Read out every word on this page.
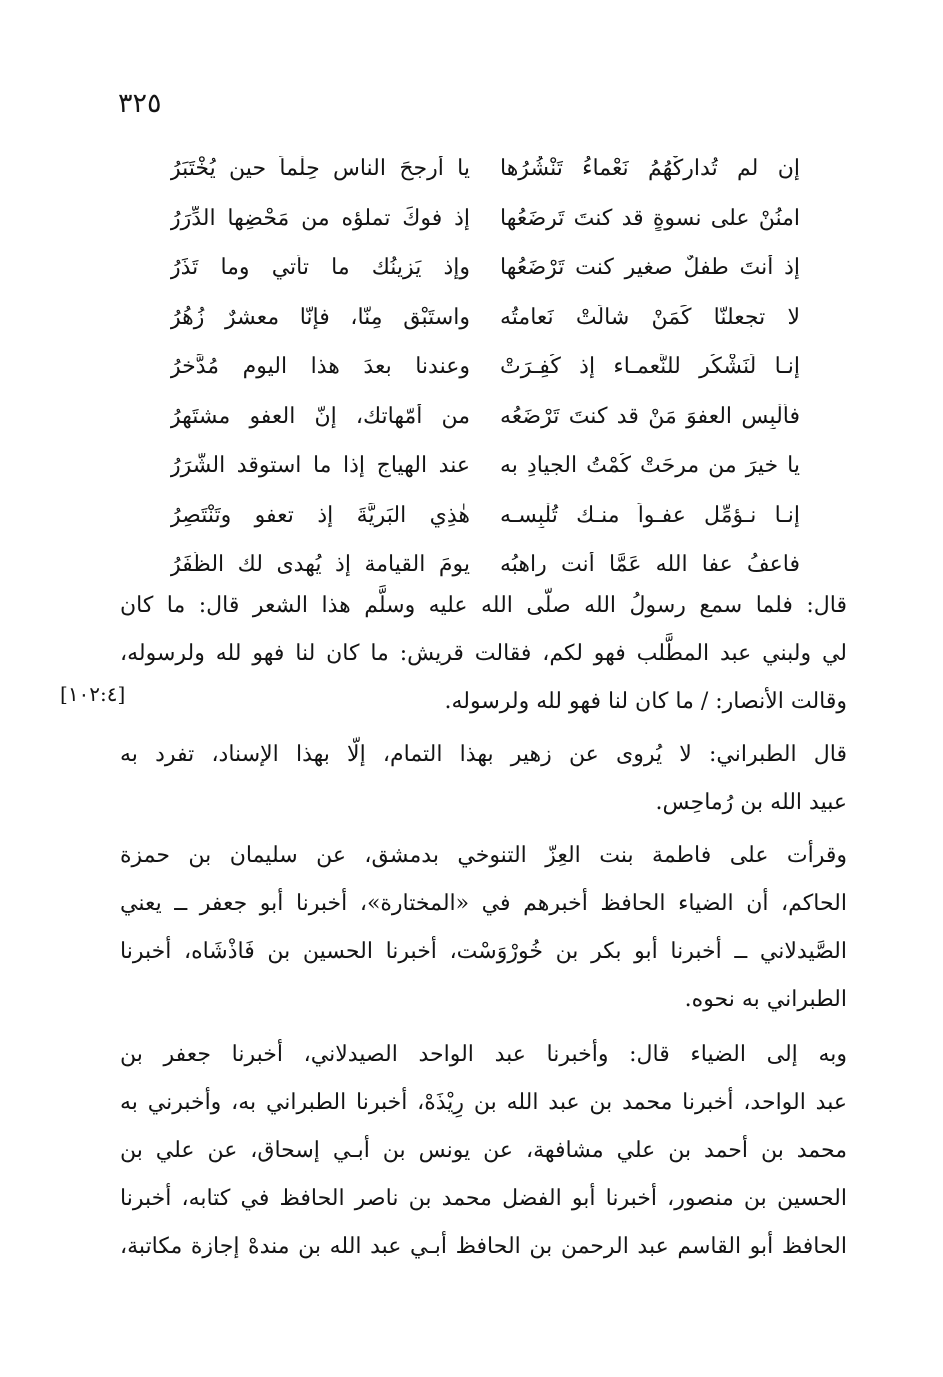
٣٢٥
إن لم تُداركْهُمُ نَعْماءُ تَنْشُرُها
يا أرجحَ الناس حِلْماً حين يُخْتَبَرُ
امنُنْ على نسوةٍ قد كنتَ تَرضَعُها
إذ فوكَ تملؤه من مَحْضِها الدِّرَرُ
إذ أنتَ طفلٌ صغير كنت تَرْضَعُها
وإذ يَزِينُك ما تأتي وما تَذَرُ
لا تجعلنّا كَمَنْ شالَتْ نَعامتُه
واستَبْقِ مِنّا، فإنّا معشرٌ زُهُرُ
إنـا لَنَشْكُر للنَّعمـاء إذ كُفِـرَتْ
وعندنا بعدَ هذا اليوم مُدَّخرُ
فأَلْبِس العفوَ مَنْ قد كنتَ تَرْضَعُه
من أمّهاتك، إنّ العفو مشتَهِرُ
يا خيرَ من مرحَتْ كُمْتُ الجيادِ به
عند الهياج إذا ما استوقد الشَّرَرُ
إنـا نـؤمِّل عفـواً منـك تُلْبِسـه
هٰذِي البَرِيَّةَ إذ تعفو وتَنْتَصِرُ
فاعفُ عفا الله عَمَّا أنت راهبُه
يومَ القيامة إذ يُهدى لك الظَّفَرُ
قال: فلما سمع رسولُ الله صلّى الله عليه وسلَّم هذا الشعر قال: ما كان
لي ولبني عبد المطَّلب فهو لكم، فقالت قريش: ما كان لنا فهو لله ولرسوله،
وقالت الأنصار: / ما كان لنا فهو لله ولرسوله.
[١٠٢:٤]
قال الطبراني: لا يُروى عن زهير بهذا التمام، إلّا بهذا الإسناد، تفرد به
عبيد الله بن رُماحِس.
وقرأت على فاطمة بنت العِزّ التنوخي بدمشق، عن سليمان بن حمزة
الحاكم، أن الضياء الحافظ أخبرهم في «المختارة»، أخبرنا أبو جعفر ــ يعني
الصَّيدلاني ــ أخبرنا أبو بكر بن خُورْوَسْت، أخبرنا الحسين بن فَاذْشَاه، أخبرنا
الطبراني به نحوه.
وبه إلى الضياء قال: وأخبرنا عبد الواحد الصيدلاني، أخبرنا جعفر بن
عبد الواحد، أخبرنا محمد بن عبد الله بن رِيْذَهْ، أخبرنا الطبراني به، وأخبرني به
محمد بن أحمد بن علي مشافهة، عن يونس بن أبـي إسحاق، عن علي بن
الحسين بن منصور، أخبرنا أبو الفضل محمد بن ناصر الحافظ في كتابه، أخبرنا
الحافظ أبو القاسم عبد الرحمن بن الحافظ أبـي عبد الله بن مندهْ إجازة مكاتبة،
